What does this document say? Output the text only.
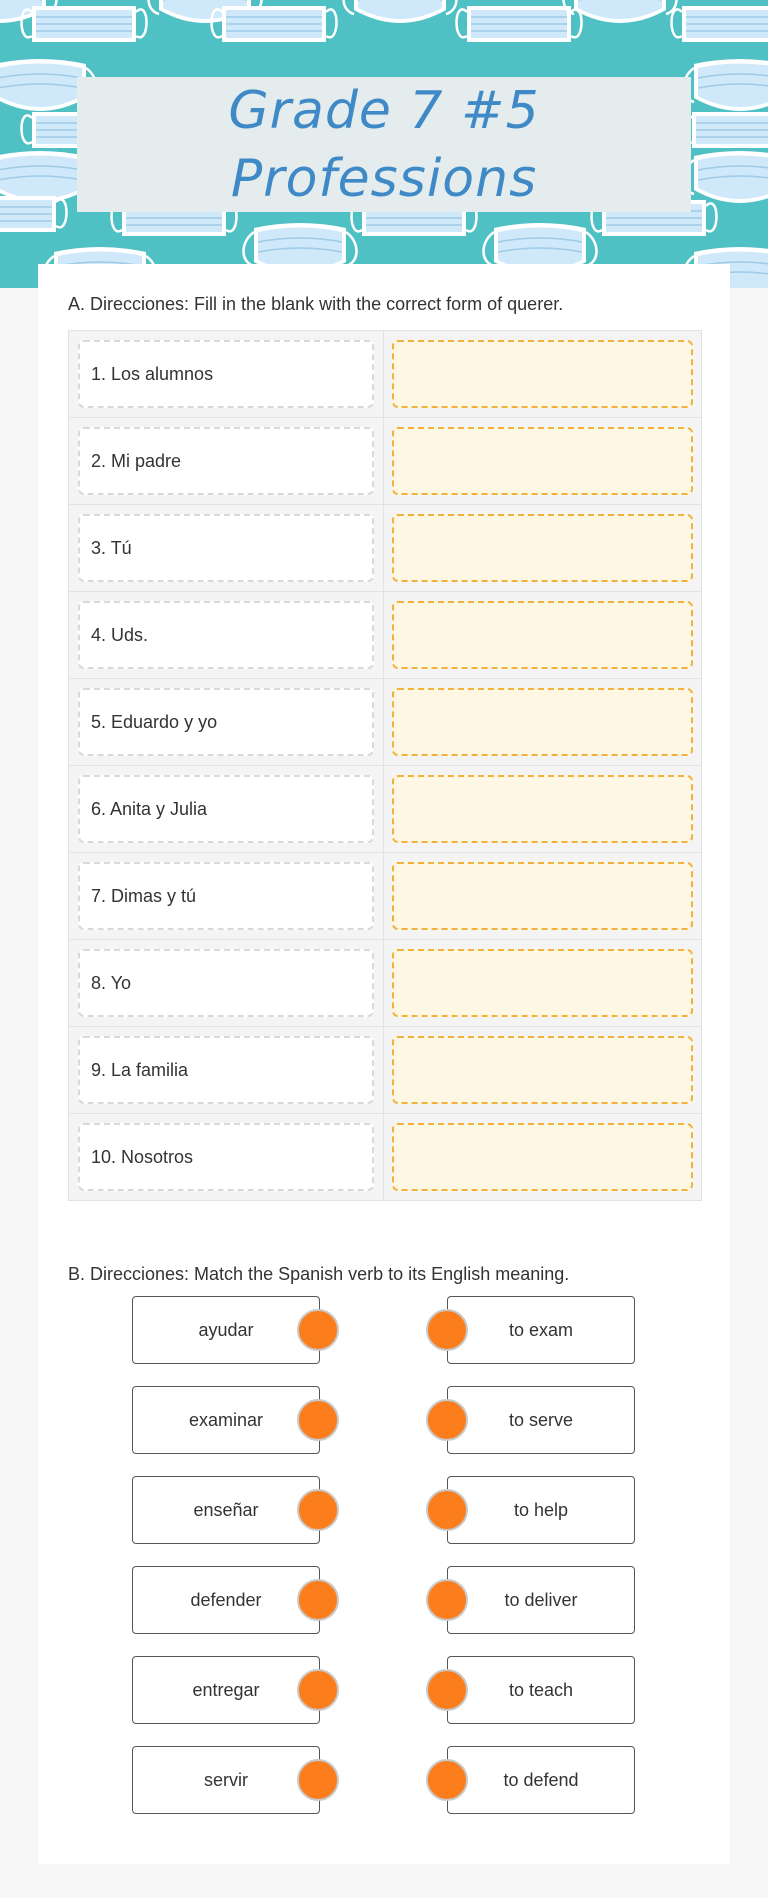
Grade 7 #5
Professions
A. Direcciones: Fill in the blank with the correct form of querer.
1. Los alumnos
2. Mi padre
3. Tú
4. Uds.
5. Eduardo y yo
6. Anita y Julia
7. Dimas y tú
8. Yo
9. La familia
10. Nosotros
B. Direcciones: Match the Spanish verb to its English meaning.
ayudar
examinar
enseñar
defender
entregar
servir
to exam
to serve
to help
to deliver
to teach
to defend
